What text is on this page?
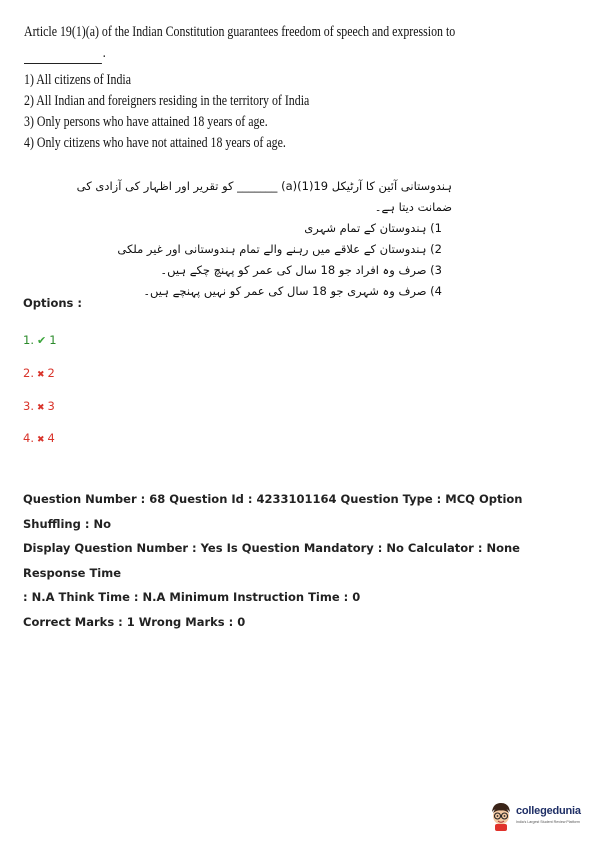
Article 19(1)(a) of the Indian Constitution guarantees freedom of speech and expression to
.
1) All citizens of India
2) All Indian and foreigners residing in the territory of India
3) Only persons who have attained 18 years of age.
4) Only citizens who have not attained 18 years of age.
ہندوستانی آئین کا آرٹیکل 19(1)(a) _______ کو تقریر اور اظہار کی آزادی کی ضمانت دیتا ہے۔
1) ہندوستان کے تمام شہری
2) ہندوستان کے علاقے میں رہنے والے تمام ہندوستانی اور غیر ملکی
3) صرف وہ افراد جو 18 سال کی عمر کو پہنچ چکے ہیں۔
4) صرف وہ شہری جو 18 سال کی عمر کو نہیں پہنچے ہیں۔
Options :
1. ✔ 1
2. ✖ 2
3. ✖ 3
4. ✖ 4
Question Number : 68 Question Id : 4233101164 Question Type : MCQ Option Shuffling : No
Display Question Number : Yes Is Question Mandatory : No Calculator : None Response Time
: N.A Think Time : N.A Minimum Instruction Time : 0
Correct Marks : 1 Wrong Marks : 0
collegedunia
India's Largest Student Review Platform
